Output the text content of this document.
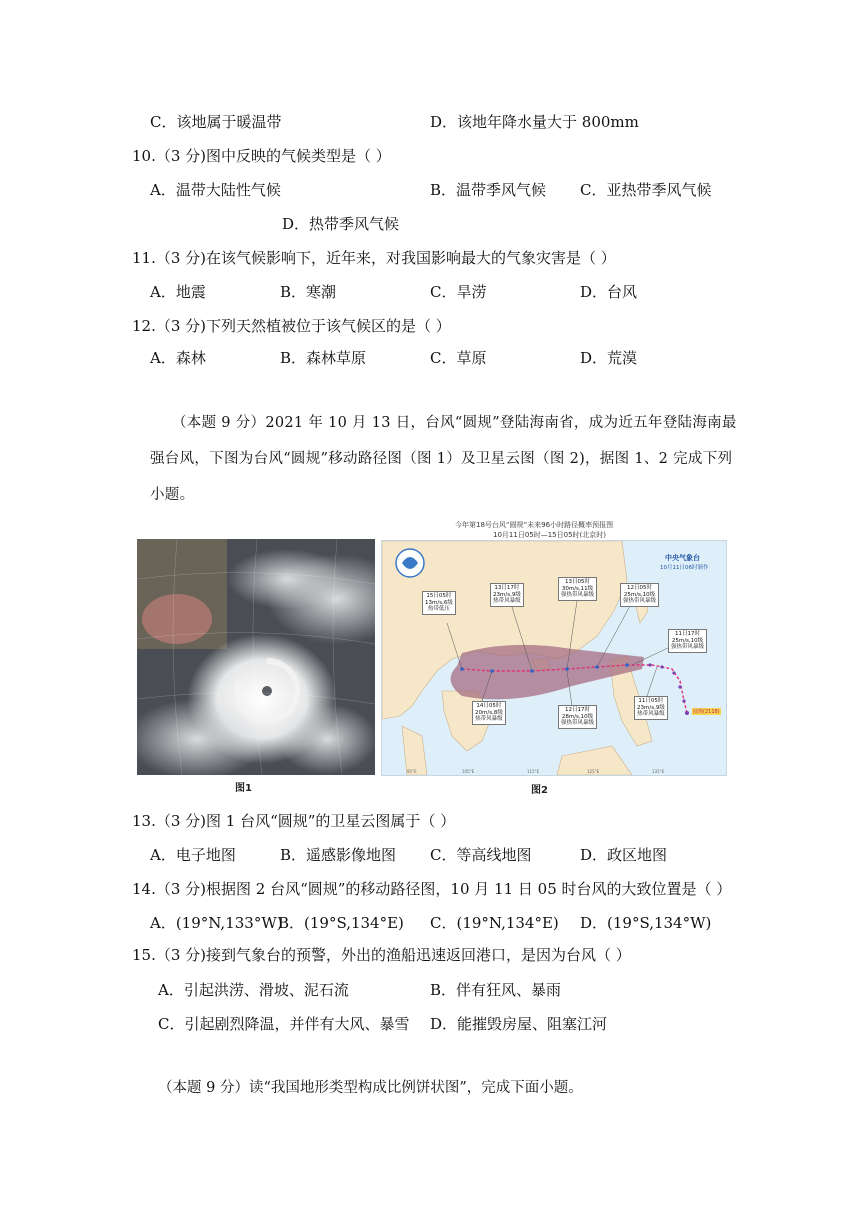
C．该地属于暖温带	D．该地年降水量大于 800mm
10.（3 分)图中反映的气候类型是（ ）
A．温带大陆性气候	B．温带季风气候 C．亚热带季风气候
D．热带季风气候
11.（3 分)在该气候影响下，近年来，对我国影响最大的气象灾害是（ ）
A．地震	B．寒潮	C．旱涝	D．台风
12.（3 分)下列天然植被位于该气候区的是（ ）
A．森林	B．森林草原	C．草原	D．荒漠
（本题 9 分）2021 年 10 月 13 日，台风“圆规”登陆海南省，成为近五年登陆海南最强台风，下图为台风“圆规”移动路径图（图 1）及卫星云图（图 2)，据图 1、2 完成下列小题。
图1
今年第18号台风“圆规”未来96小时路径概率预报图
10月11日05时—15日05时(北京时)
95°E	105°E	115°E	125°E	135°E
中央气象台
10月11日06时制作
15日05时
13m/s,6级
热带低压
13日17时
23m/s,9级
热带风暴级
13日05时
30m/s,11级
强热带风暴级
12日05时
25m/s,10级
强热带风暴级
11日17时
25m/s,10级
强热带风暴级
14日05时
20m/s,8级
热带风暴级
12日17时
28m/s,10级
强热带风暴级
11日05时
23m/s,9级
热带风暴级	圆规(2118)
图2
13.（3 分)图 1 台风“圆规”的卫星云图属于（ ）
A．电子地图	B．遥感影像地图 C．等高线地图	D．政区地图
14.（3 分)根据图 2 台风“圆规”的移动路径图，10 月 11 日 05 时台风的大致位置是（ ）
A．(19°N,133°W)
B．(19°S,134°E) C．(19°N,134°E) D．(19°S,134°W)
15.（3 分)接到气象台的预警，外出的渔船迅速返回港口，是因为台风（ ）
A．引起洪涝、滑坡、泥石流	B．伴有狂风、暴雨
C．引起剧烈降温，并伴有大风、暴雪 D．能摧毁房屋、阻塞江河
（本题 9 分）读“我国地形类型构成比例饼状图”，完成下面小题。
